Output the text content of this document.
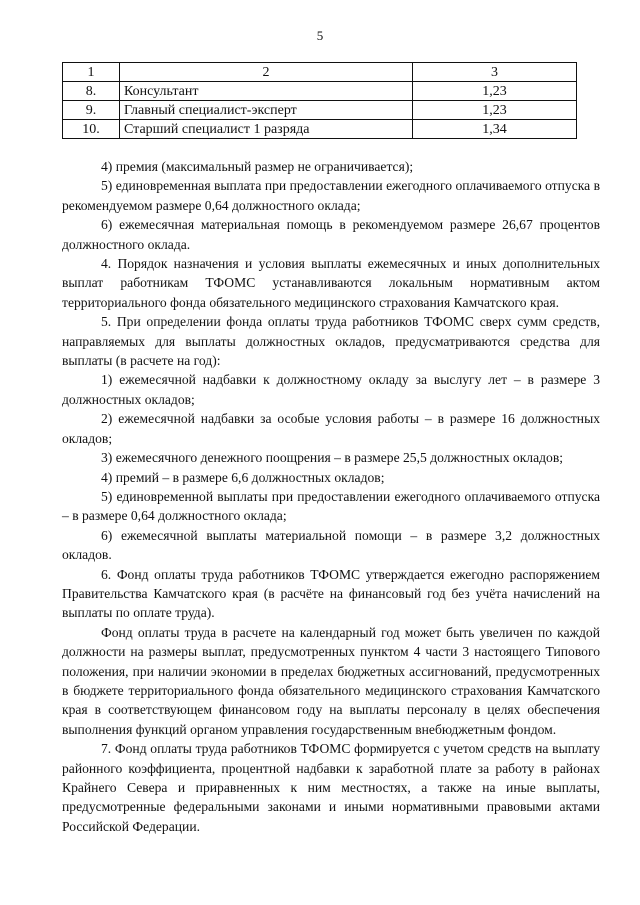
5
1	2	3
8.	Консультант	1,23
9.	Главный специалист-эксперт	1,23
10.	Старший специалист 1 разряда	1,34

4) премия (максимальный размер не ограничивается);

5) единовременная выплата при предоставлении ежегодного оплачиваемого отпуска в рекомендуемом размере 0,64 должностного оклада;

6) ежемесячная материальная помощь в рекомендуемом размере 26,67 процентов должностного оклада.

4. Порядок назначения и условия выплаты ежемесячных и иных дополнительных выплат работникам ТФОМС устанавливаются локальным нормативным актом территориального фонда обязательного медицинского страхования Камчатского края.

5. При определении фонда оплаты труда работников ТФОМС сверх сумм средств, направляемых для выплаты должностных окладов, предусматриваются средства для выплаты (в расчете на год):

1) ежемесячной надбавки к должностному окладу за выслугу лет – в размере 3 должностных окладов;

2) ежемесячной надбавки за особые условия работы – в размере 16 должностных окладов;

3) ежемесячного денежного поощрения – в размере 25,5 должностных окладов;

4) премий – в размере 6,6 должностных окладов;

5) единовременной выплаты при предоставлении ежегодного оплачиваемого отпуска – в размере 0,64 должностного оклада;

6) ежемесячной выплаты материальной помощи – в размере 3,2 должностных окладов.

6. Фонд оплаты труда работников ТФОМС утверждается ежегодно распоряжением Правительства Камчатского края (в расчёте на финансовый год без учёта начислений на выплаты по оплате труда).

Фонд оплаты труда в расчете на календарный год может быть увеличен по каждой должности на размеры выплат, предусмотренных пунктом 4 части 3 настоящего Типового положения, при наличии экономии в пределах бюджетных ассигнований, предусмотренных в бюджете территориального фонда обязательного медицинского страхования Камчатского края в соответствующем финансовом году на выплаты персоналу в целях обеспечения выполнения функций органом управления государственным внебюджетным фондом.

7. Фонд оплаты труда работников ТФОМС формируется с учетом средств на выплату районного коэффициента, процентной надбавки к заработной плате за работу в районах Крайнего Севера и приравненных к ним местностях, а также на иные выплаты, предусмотренные федеральными законами и иными нормативными правовыми актами Российской Федерации.
